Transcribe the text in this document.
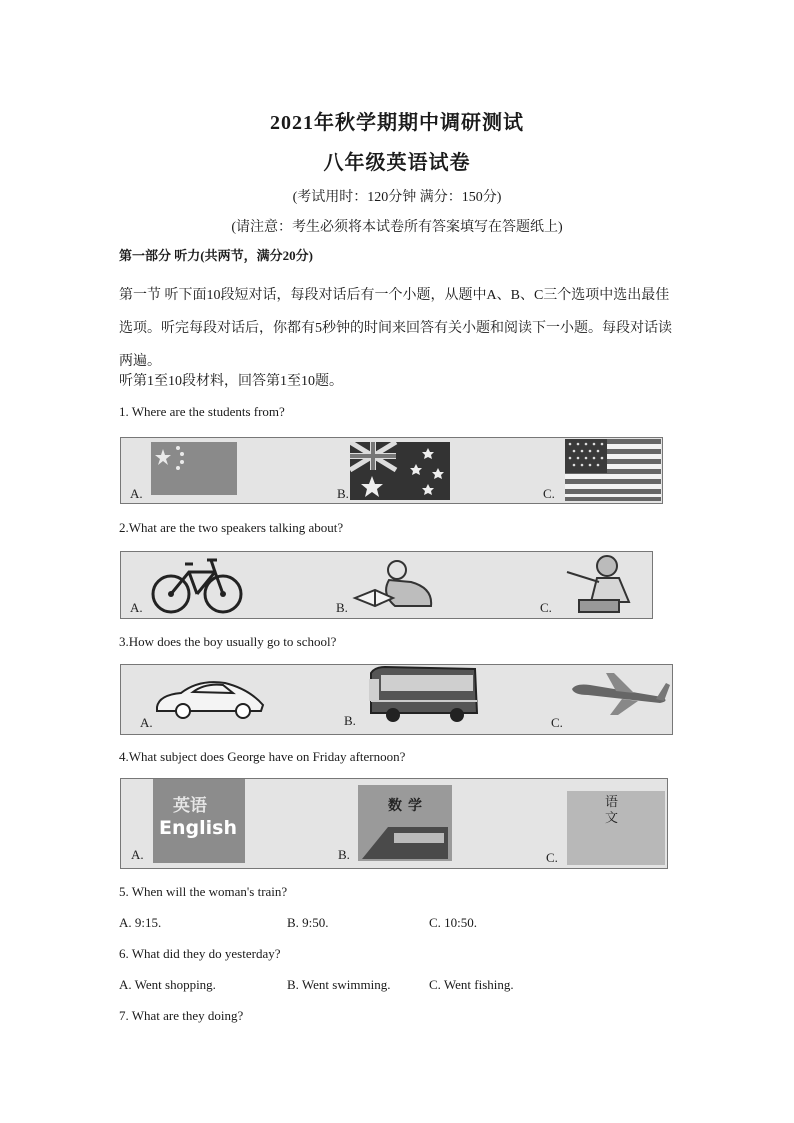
2021年秋学期期中调研测试
八年级英语试卷
(考试用时：120分钟 满分：150分)
(请注意：考生必须将本试卷所有答案填写在答题纸上)
第一部分 听力(共两节，满分20分)
第一节 听下面10段短对话，每段对话后有一个小题，从题中A、B、C三个选项中选出最佳选项。听完每段对话后，你都有5秒钟的时间来回答有关小题和阅读下一小题。每段对话读两遍。
听第1至10段材料，回答第1至10题。
1. Where are the students from?
A.	B.	C.
2.What are the two speakers talking about?
A.	B.	C.
3.How does the boy usually go to school?
A.	B.	C.
4.What subject does George have on Friday afternoon?
A.
英语
English
B.
数学
C.
语文
5. When will the woman's train?
A. 9:15.	B. 9:50.	C. 10:50.
6. What did they do yesterday?
A. Went shopping.	B. Went swimming.	C. Went fishing.
7. What are they doing?
